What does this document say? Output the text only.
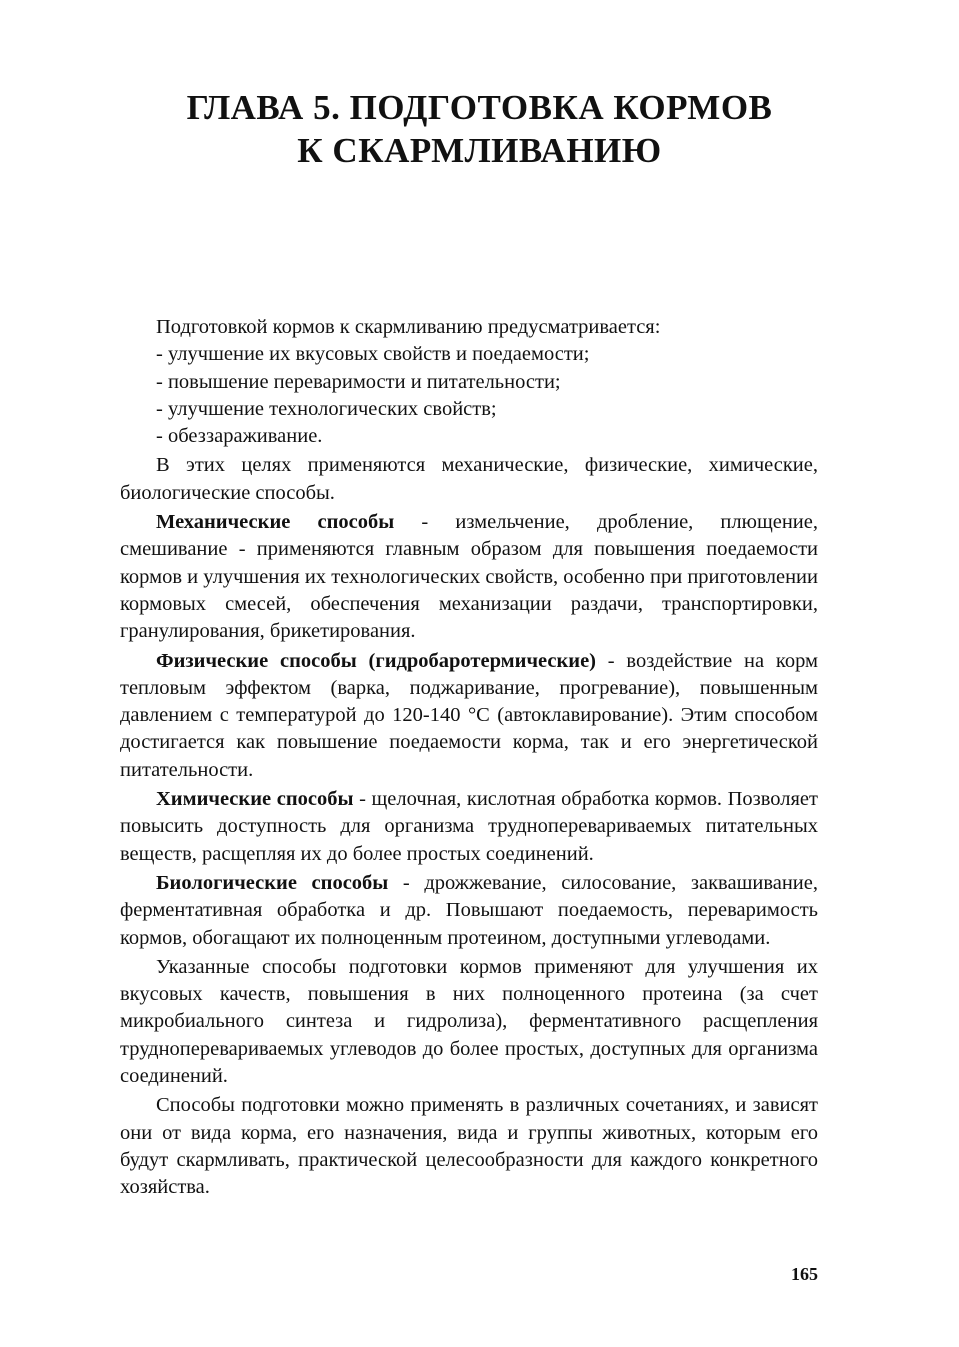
ГЛАВА 5. ПОДГОТОВКА КОРМОВ
К СКАРМЛИВАНИЮ

Подготовкой кормов к скармливанию предусматривается:

- улучшение их вкусовых свойств и поедаемости;
- повышение переваримости и питательности;
- улучшение технологических свойств;
- обеззараживание.

В этих целях применяются механические, физические, химические, биологические способы.

Механические способы - измельчение, дробление, плющение, смешивание - применяются главным образом для повышения поедаемости кормов и улучшения их технологических свойств, особенно при приготовлении кормовых смесей, обеспечения механизации раздачи, транспортировки, гранулирования, брикетирования.

Физические способы (гидробаротермические) - воздействие на корм тепловым эффектом (варка, поджаривание, прогревание), повышенным давлением с температурой до 120-140 °С (автоклавирование). Этим способом достигается как повышение поедаемости корма, так и его энергетической питательности.

Химические способы - щелочная, кислотная обработка кормов. Позволяет повысить доступность для организма трудноперевариваемых питательных веществ, расщепляя их до более простых соединений.

Биологические способы - дрожжевание, силосование, заквашивание, ферментативная обработка и др. Повышают поедаемость, переваримость кормов, обогащают их полноценным протеином, доступными углеводами.

Указанные способы подготовки кормов применяют для улучшения их вкусовых качеств, повышения в них полноценного протеина (за счет микробиального синтеза и гидролиза), ферментативного расщепления трудноперевариваемых углеводов до более простых, доступных для организма соединений.

Способы подготовки можно применять в различных сочетаниях, и зависят они от вида корма, его назначения, вида и группы животных, которым его будут скармливать, практической целесообразности для каждого конкретного хозяйства.

165
